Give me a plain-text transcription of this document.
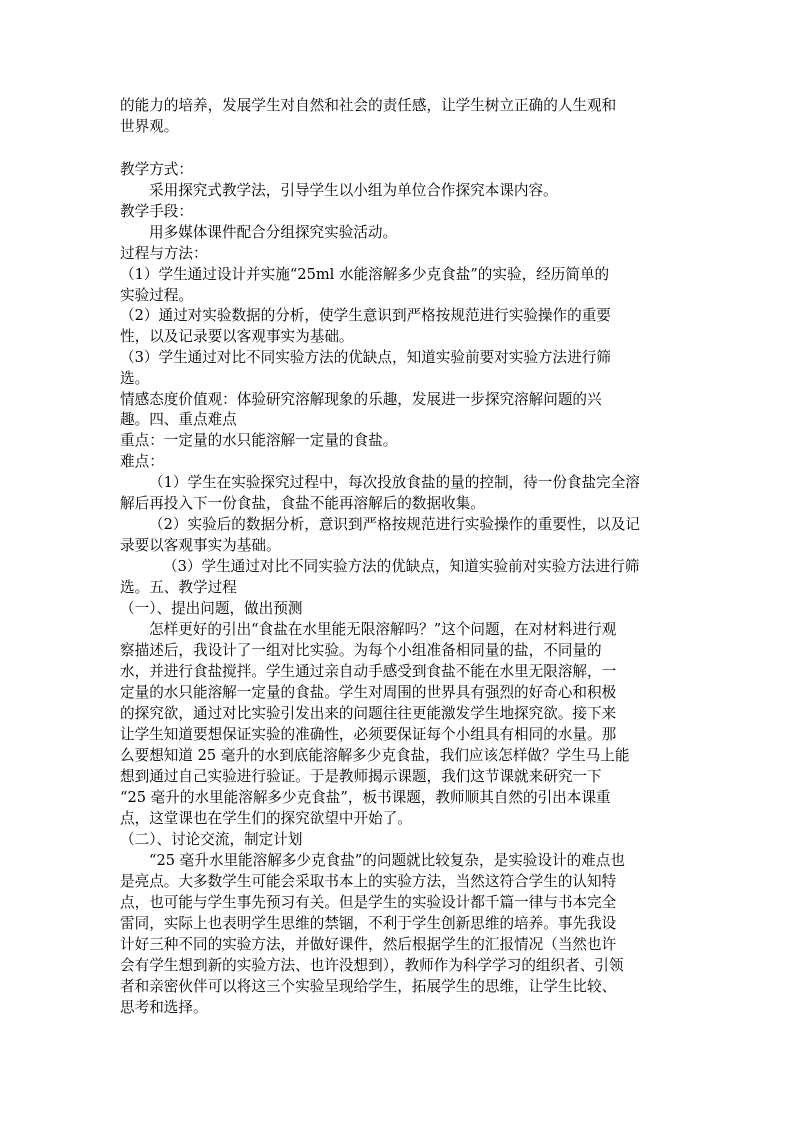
的能力的培养，发展学生对自然和社会的责任感，让学生树立正确的人生观和
世界观。
教学方式：
采用探究式教学法，引导学生以小组为单位合作探究本课内容。
教学手段：
用多媒体课件配合分组探究实验活动。
过程与方法：
（1）学生通过设计并实施“25ml 水能溶解多少克食盐”的实验，经历简单的
实验过程。
（2）通过对实验数据的分析，使学生意识到严格按规范进行实验操作的重要
性，以及记录要以客观事实为基础。
（3）学生通过对比不同实验方法的优缺点，知道实验前要对实验方法进行筛
选。
情感态度价值观：体验研究溶解现象的乐趣，发展进一步探究溶解问题的兴
趣。四、重点难点
重点：一定量的水只能溶解一定量的食盐。
难点：
（1）学生在实验探究过程中，每次投放食盐的量的控制，待一份食盐完全溶
解后再投入下一份食盐，食盐不能再溶解后的数据收集。
（2）实验后的数据分析，意识到严格按规范进行实验操作的重要性，以及记
录要以客观事实为基础。
（3）学生通过对比不同实验方法的优缺点，知道实验前对实验方法进行筛
选。五、教学过程
（一）、提出问题，做出预测
怎样更好的引出“食盐在水里能无限溶解吗？”这个问题，在对材料进行观
察描述后，我设计了一组对比实验。为每个小组准备相同量的盐，不同量的
水，并进行食盐搅拌。学生通过亲自动手感受到食盐不能在水里无限溶解，一
定量的水只能溶解一定量的食盐。学生对周围的世界具有强烈的好奇心和积极
的探究欲，通过对比实验引发出来的问题往往更能激发学生地探究欲。接下来
让学生知道要想保证实验的准确性，必须要保证每个小组具有相同的水量。那
么要想知道 25 毫升的水到底能溶解多少克食盐，我们应该怎样做？学生马上能
想到通过自己实验进行验证。于是教师揭示课题，我们这节课就来研究一下
“25 毫升的水里能溶解多少克食盐”，板书课题，教师顺其自然的引出本课重
点，这堂课也在学生们的探究欲望中开始了。
（二）、讨论交流，制定计划
“25 毫升水里能溶解多少克食盐”的问题就比较复杂，是实验设计的难点也
是亮点。大多数学生可能会采取书本上的实验方法，当然这符合学生的认知特
点，也可能与学生事先预习有关。但是学生的实验设计都千篇一律与书本完全
雷同，实际上也表明学生思维的禁锢，不利于学生创新思维的培养。事先我设
计好三种不同的实验方法，并做好课件，然后根据学生的汇报情况（当然也许
会有学生想到新的实验方法、也许没想到），教师作为科学学习的组织者、引领
者和亲密伙伴可以将这三个实验呈现给学生，拓展学生的思维，让学生比较、
思考和选择。
